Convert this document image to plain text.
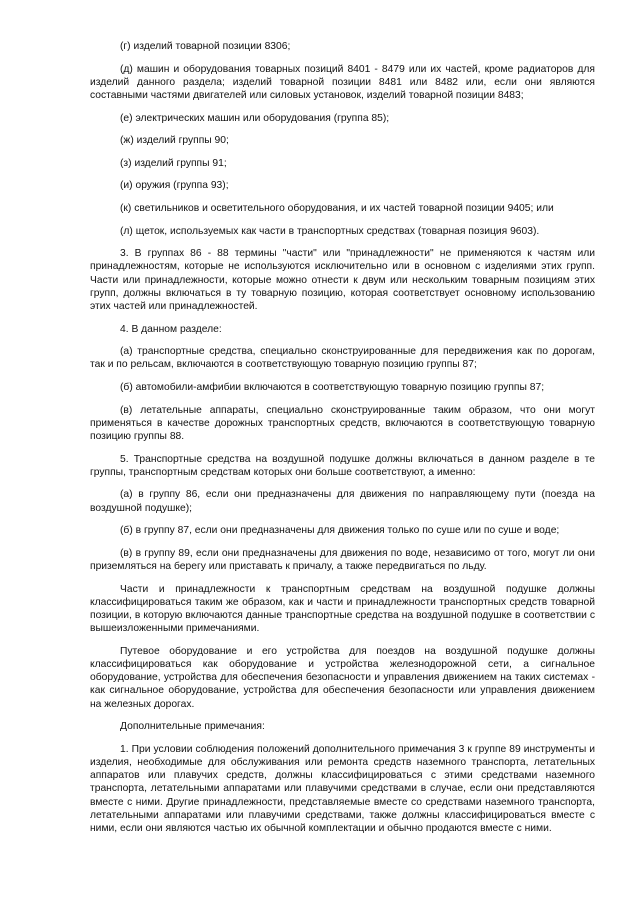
(г) изделий товарной позиции 8306;

(д) машин и оборудования товарных позиций 8401 - 8479 или их частей, кроме радиаторов для изделий данного раздела; изделий товарной позиции 8481 или 8482 или, если они являются составными частями двигателей или силовых установок, изделий товарной позиции 8483;

(е) электрических машин или оборудования (группа 85);

(ж) изделий группы 90;

(з) изделий группы 91;

(и) оружия (группа 93);

(к) светильников и осветительного оборудования, и их частей товарной позиции 9405; или

(л) щеток, используемых как части в транспортных средствах (товарная позиция 9603).

3. В группах 86 - 88 термины "части" или "принадлежности" не применяются к частям или принадлежностям, которые не используются исключительно или в основном с изделиями этих групп. Части или принадлежности, которые можно отнести к двум или нескольким товарным позициям этих групп, должны включаться в ту товарную позицию, которая соответствует основному использованию этих частей или принадлежностей.

4. В данном разделе:

(а) транспортные средства, специально сконструированные для передвижения как по дорогам, так и по рельсам, включаются в соответствующую товарную позицию группы 87;

(б) автомобили-амфибии включаются в соответствующую товарную позицию группы 87;

(в) летательные аппараты, специально сконструированные таким образом, что они могут применяться в качестве дорожных транспортных средств, включаются в соответствующую товарную позицию группы 88.

5. Транспортные средства на воздушной подушке должны включаться в данном разделе в те группы, транспортным средствам которых они больше соответствуют, а именно:

(а) в группу 86, если они предназначены для движения по направляющему пути (поезда на воздушной подушке);

(б) в группу 87, если они предназначены для движения только по суше или по суше и воде;

(в) в группу 89, если они предназначены для движения по воде, независимо от того, могут ли они приземляться на берегу или приставать к причалу, а также передвигаться по льду.

Части и принадлежности к транспортным средствам на воздушной подушке должны классифицироваться таким же образом, как и части и принадлежности транспортных средств товарной позиции, в которую включаются данные транспортные средства на воздушной подушке в соответствии с вышеизложенными примечаниями.

Путевое оборудование и его устройства для поездов на воздушной подушке должны классифицироваться как оборудование и устройства железнодорожной сети, а сигнальное оборудование, устройства для обеспечения безопасности и управления движением на таких системах - как сигнальное оборудование, устройства для обеспечения безопасности или управления движением на железных дорогах.

Дополнительные примечания:

1. При условии соблюдения положений дополнительного примечания 3 к группе 89 инструменты и изделия, необходимые для обслуживания или ремонта средств наземного транспорта, летательных аппаратов или плавучих средств, должны классифицироваться с этими средствами наземного транспорта, летательными аппаратами или плавучими средствами в случае, если они представляются вместе с ними. Другие принадлежности, представляемые вместе со средствами наземного транспорта, летательными аппаратами или плавучими средствами, также должны классифицироваться вместе с ними, если они являются частью их обычной комплектации и обычно продаются вместе с ними.
